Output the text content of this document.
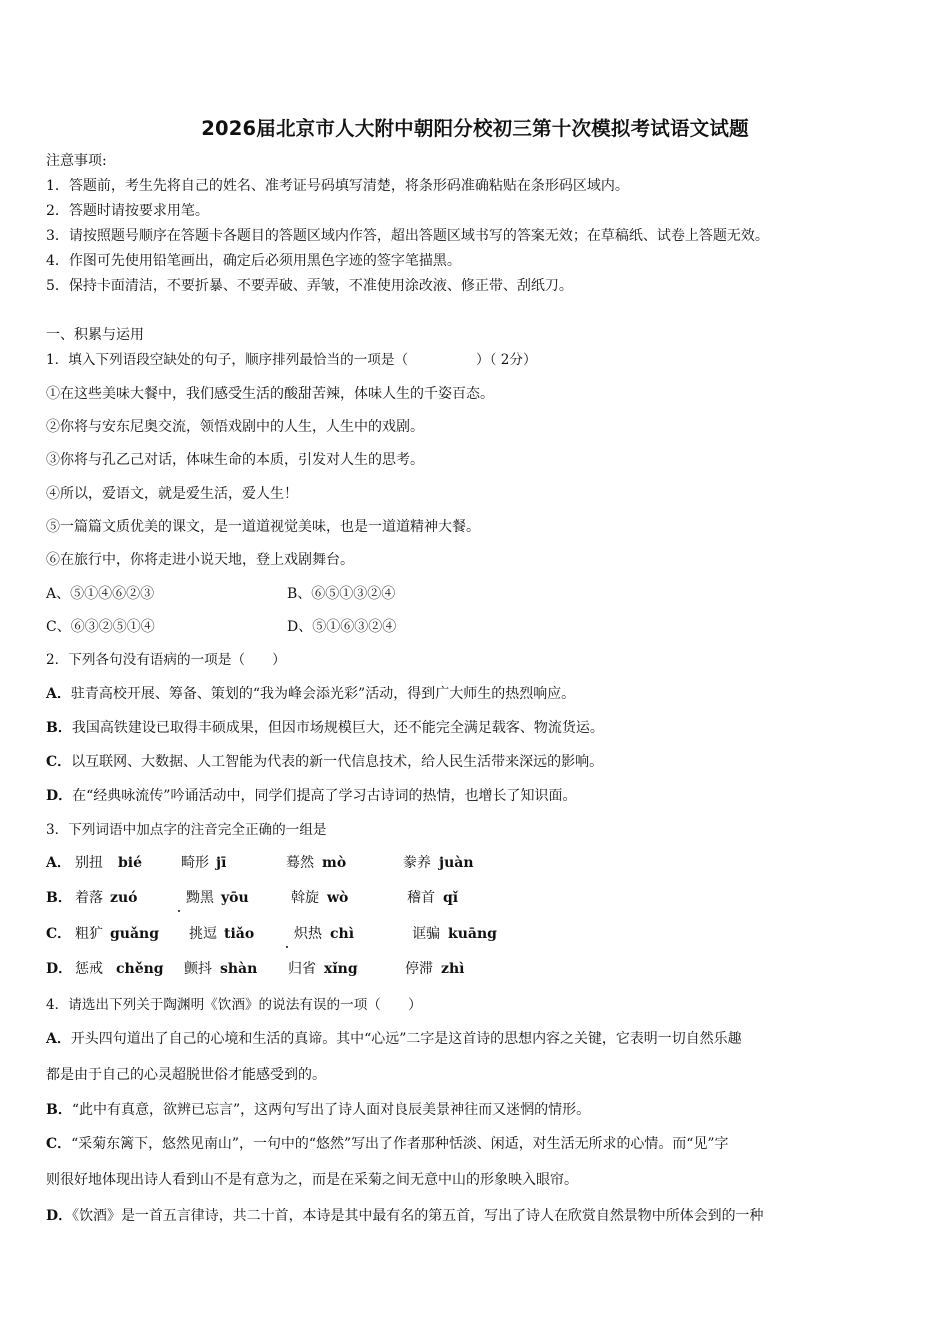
2026届北京市人大附中朝阳分校初三第十次模拟考试语文试题
注意事项:
1．答题前，考生先将自己的姓名、准考证号码填写清楚，将条形码准确粘贴在条形码区域内。
2．答题时请按要求用笔。
3．请按照题号顺序在答题卡各题目的答题区域内作答，超出答题区域书写的答案无效；在草稿纸、试卷上答题无效。
4．作图可先使用铅笔画出，确定后必须用黑色字迹的签字笔描黑。
5．保持卡面清洁，不要折暴、不要弄破、弄皱，不准使用涂改液、修正带、刮纸刀。
一、积累与运用
1．填入下列语段空缺处的句子，顺序排列最恰当的一项是（　　　　　）（ 2分）
①在这些美味大餐中，我们感受生活的酸甜苦辣，体味人生的千姿百态。
②你将与安东尼奥交流，领悟戏剧中的人生，人生中的戏剧。
③你将与孔乙己对话，体味生命的本质，引发对人生的思考。
④所以，爱语文，就是爱生活，爱人生！
⑤一篇篇文质优美的课文，是一道道视觉美味，也是一道道精神大餐。
⑥在旅行中，你将走进小说天地，登上戏剧舞台。
A、⑤①④⑥②③	B、⑥⑤①③②④
C、⑥③②⑤①④	D、⑤①⑥③②④
2．下列各句没有语病的一项是（　　）
A．驻青高校开展、筹备、策划的“我为峰会添光彩”活动，得到广大师生的热烈响应。
B．我国高铁建设已取得丰硕成果，但因市场规模巨大，还不能完全满足载客、物流货运。
C．以互联网、大数据、人工智能为代表的新一代信息技术，给人民生活带来深远的影响。
D．在“经典咏流传”吟诵活动中，同学们提高了学习古诗词的热情，也增长了知识面。
3．下列词语中加点字的注音完全正确的一组是
A． 别扭 bié	畸形 jī	蓦然 mò	豢养 juàn
B． 着落 zuó	黝黑 yōu	斡旋 wò	稽首 qǐ
C． 粗犷 guǎng 挑逗 tiǎo	炽热 chì	诓骗 kuāng
D． 惩戒 chěng 颤抖 shàn 归省 xǐng	停滞 zhì
4．请选出下列关于陶渊明《饮酒》的说法有误的一项（　　）
A．开头四句道出了自己的心境和生活的真谛。其中“心远”二字是这首诗的思想内容之关键，它表明一切自然乐趣
都是由于自己的心灵超脱世俗才能感受到的。
B．“此中有真意，欲辨已忘言”，这两句写出了诗人面对良辰美景神往而又迷惘的情形。
C．“采菊东篱下，悠然见南山”，一句中的“悠然”写出了作者那种恬淡、闲适，对生活无所求的心情。而“见”字
则很好地体现出诗人看到山不是有意为之，而是在采菊之间无意中山的形象映入眼帘。
D．《饮酒》是一首五言律诗，共二十首，本诗是其中最有名的第五首，写出了诗人在欣赏自然景物中所体会到的一种
